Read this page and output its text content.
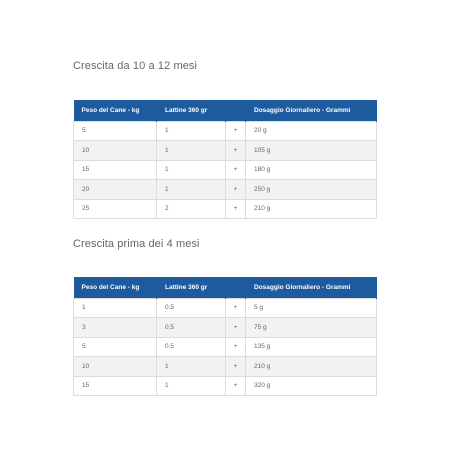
Crescita da 10 a 12 mesi
Peso del Cane - kg	Lattine 360 gr		Dosaggio Giornaliero - Grammi
5	1	+	20 g
10	1	+	105 g
15	1	+	180 g
20	1	+	250 g
25	2	+	210 g
Crescita prima dei 4 mesi
Peso del Cane - kg	Lattine 360 gr		Dosaggio Giornaliero - Grammi
1	0.5	+	5 g
3	0.5	+	75 g
5	0.5	+	135 g
10	1	+	210 g
15	1	+	320 g
